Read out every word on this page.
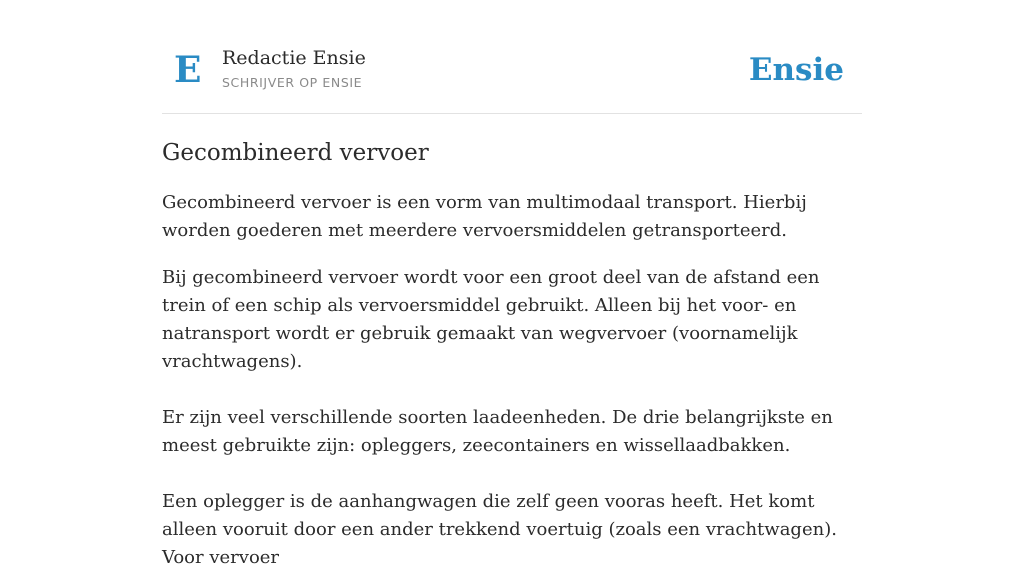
E Redactie Ensie
SCHRIJVER OP ENSIE	Ensie
Gecombineerd vervoer

Gecombineerd vervoer is een vorm van multimodaal transport. Hierbij worden goederen met meerdere vervoersmiddelen getransporteerd.

Bij gecombineerd vervoer wordt voor een groot deel van de afstand een trein of een schip als vervoersmiddel gebruikt. Alleen bij het voor- en natransport wordt er gebruik gemaakt van wegvervoer (voornamelijk vrachtwagens).

Er zijn veel verschillende soorten laadeenheden. De drie belangrijkste en meest gebruikte zijn: opleggers, zeecontainers en wissellaadbakken.

Een oplegger is de aanhangwagen die zelf geen vooras heeft. Het komt alleen vooruit door een ander trekkend voertuig (zoals een vrachtwagen). Voor vervoer
